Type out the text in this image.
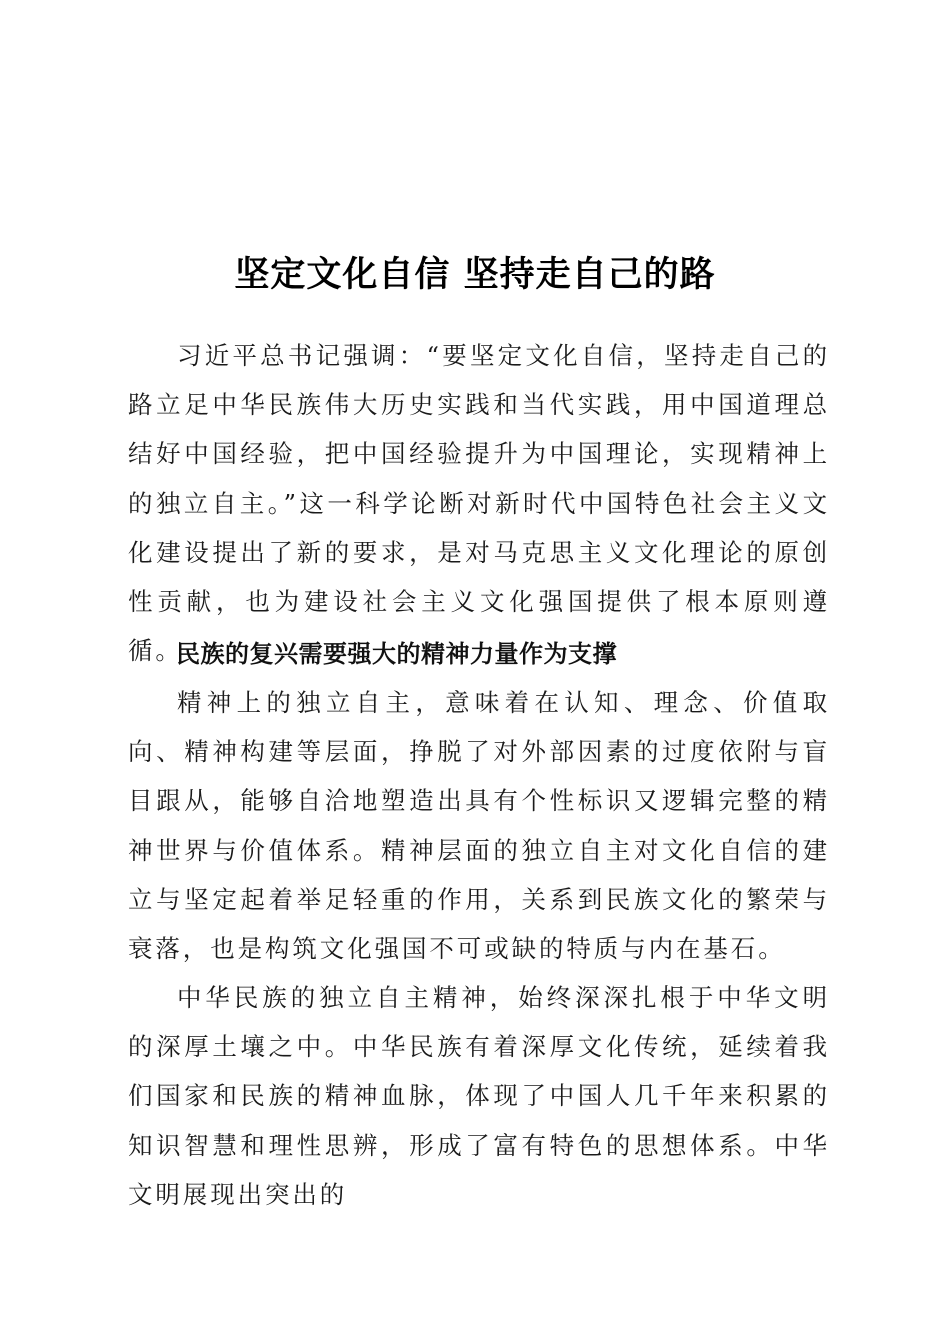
坚定文化自信 坚持走自己的路

习近平总书记强调：“要坚定文化自信，坚持走自己的路立足中华民族伟大历史实践和当代实践，用中国道理总结好中国经验，把中国经验提升为中国理论，实现精神上的独立自主。”这一科学论断对新时代中国特色社会主义文化建设提出了新的要求，是对马克思主义文化理论的原创性贡献，也为建设社会主义文化强国提供了根本原则遵循。

民族的复兴需要强大的精神力量作为支撑

精神上的独立自主，意味着在认知、理念、价值取向、精神构建等层面，挣脱了对外部因素的过度依附与盲目跟从，能够自洽地塑造出具有个性标识又逻辑完整的精神世界与价值体系。精神层面的独立自主对文化自信的建立与坚定起着举足轻重的作用，关系到民族文化的繁荣与衰落，也是构筑文化强国不可或缺的特质与内在基石。

中华民族的独立自主精神，始终深深扎根于中华文明的深厚土壤之中。中华民族有着深厚文化传统，延续着我们国家和民族的精神血脉，体现了中国人几千年来积累的知识智慧和理性思辨，形成了富有特色的思想体系。中华文明展现出突出的
